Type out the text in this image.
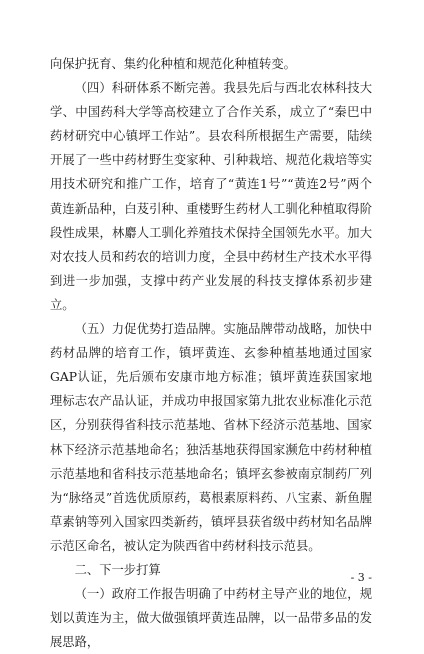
向保护抚育、集约化种植和规范化种植转变。

（四）科研体系不断完善。我县先后与西北农林科技大学、中国药科大学等高校建立了合作关系，成立了“秦巴中药材研究中心镇坪工作站”。县农科所根据生产需要，陆续开展了一些中药材野生变家种、引种栽培、规范化栽培等实用技术研究和推广工作，培育了“黄连1号”“黄连2号”两个黄连新品种，白芨引种、重楼野生药材人工驯化种植取得阶段性成果，林麝人工驯化养殖技术保持全国领先水平。加大对农技人员和药农的培训力度，全县中药材生产技术水平得到进一步加强，支撑中药产业发展的科技支撑体系初步建立。

（五）力促优势打造品牌。实施品牌带动战略，加快中药材品牌的培育工作，镇坪黄连、玄参种植基地通过国家GAP认证，先后颁布安康市地方标准；镇坪黄连获国家地理标志农产品认证，并成功申报国家第九批农业标准化示范区，分别获得省科技示范基地、省林下经济示范基地、国家林下经济示范基地命名；独活基地获得国家濒危中药材种植示范基地和省科技示范基地命名；镇坪玄参被南京制药厂列为“脉络灵”首选优质原药，葛根素原料药、八宝素、新鱼腥草素钠等列入国家四类新药，镇坪县获省级中药材知名品牌示范区命名，被认定为陕西省中药材科技示范县。

二、下一步打算

（一）政府工作报告明确了中药材主导产业的地位，规划以黄连为主，做大做强镇坪黄连品牌，以一品带多品的发展思路，

- 3 -
